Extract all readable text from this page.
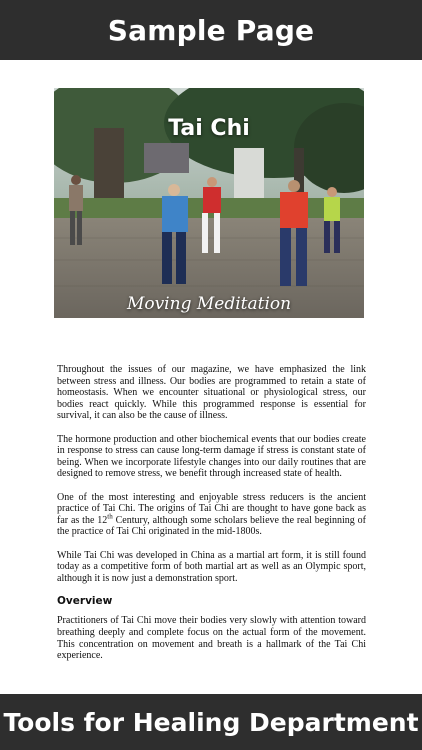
Sample Page
Tai Chi
Moving Meditation

Throughout the issues of our magazine, we have emphasized the link between stress and illness. Our bodies are programmed to retain a state of homeostasis. When we encounter situational or physiological stress, our bodies react quickly. While this programmed response is essential for survival, it can also be the cause of illness.

The hormone production and other biochemical events that our bodies create in response to stress can cause long-term damage if stress is constant state of being. When we incorporate lifestyle changes into our daily routines that are designed to remove stress, we benefit through increased state of health.

One of the most interesting and enjoyable stress reducers is the ancient practice of Tai Chi. The origins of Tai Chi are thought to have gone back as far as the 12th Century, although some scholars believe the real beginning of the practice of Tai Chi originated in the mid-1800s.

While Tai Chi was developed in China as a martial art form, it is still found today as a competitive form of both martial art as well as an Olympic sport, although it is now just a demonstration sport.

Overview

Practitioners of Tai Chi move their bodies very slowly with attention toward breathing deeply and complete focus on the actual form of the movement. This concentration on movement and breath is a hallmark of the Tai Chi experience.

Tools for Healing Department
